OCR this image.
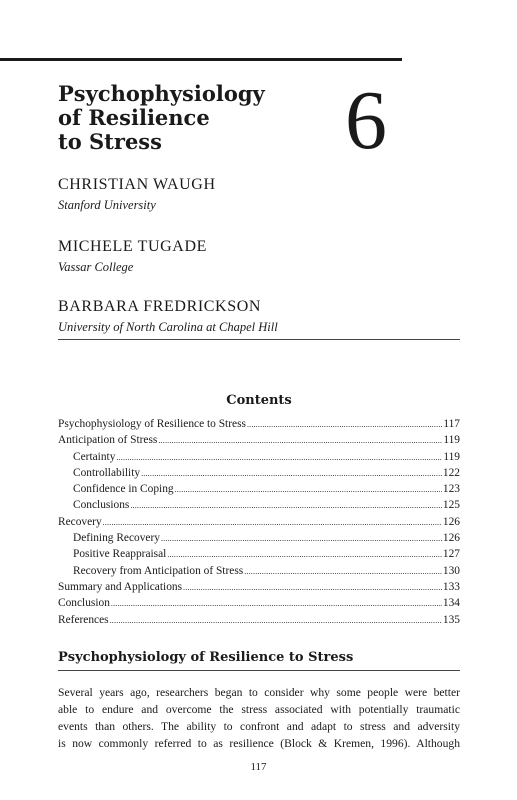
Psychophysiology
of Resilience
to Stress	6
CHRISTIAN WAUGH
Stanford University
MICHELE TUGADE
Vassar College
BARBARA FREDRICKSON
University of North Carolina at Chapel Hill
Contents
Psychophysiology of Resilience to Stress .....	117
Anticipation of Stress .....	119
Certainty .....	119
Controllability .....	122
Confidence in Coping .....	123
Conclusions .....	125
Recovery .....	126
Defining Recovery .....	126
Positive Reappraisal .....	127
Recovery from Anticipation of Stress .....	130
Summary and Applications .....	133
Conclusion .....	134
References .....	135
Psychophysiology of Resilience to Stress
Several years ago, researchers began to consider why some people were better
able to endure and overcome the stress associated with potentially traumatic
events than others. The ability to confront and adapt to stress and adversity
is now commonly referred to as resilience (Block & Kremen, 1996). Although
117
